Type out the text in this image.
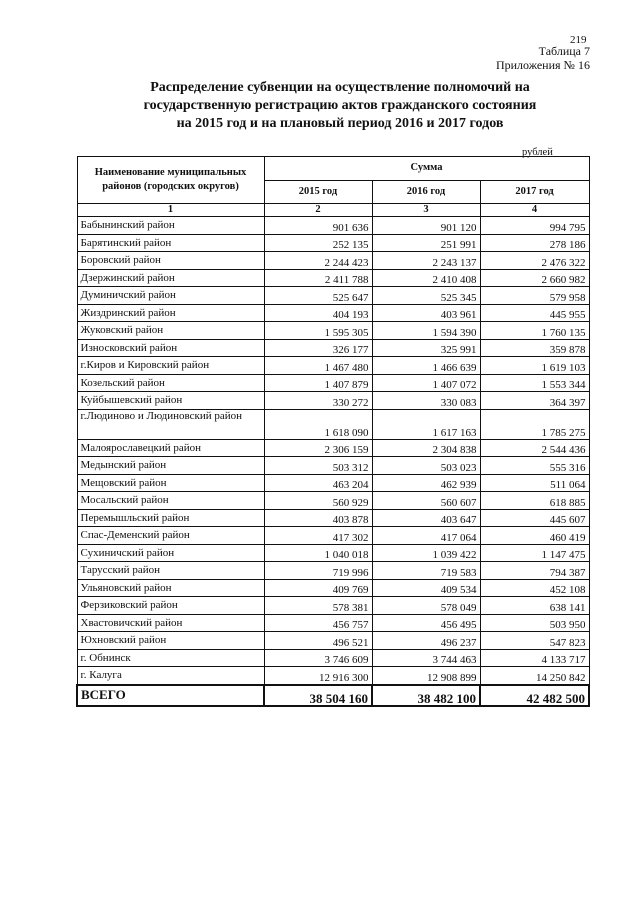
219
Таблица 7
Приложения № 16
Распределение субвенции на осуществление полномочий на
государственную регистрацию актов гражданского состояния
на 2015 год и на плановый период 2016 и 2017 годов
рублей
Наименование муниципальных районов (городских округов)	Сумма		
	2015 год	2016 год	2017 год
1	2	3	4
Бабынинский район	901 636	901 120	994 795
Барятинский район	252 135	251 991	278 186
Боровский район	2 244 423	2 243 137	2 476 322
Дзержинский район	2 411 788	2 410 408	2 660 982
Думиничский район	525 647	525 345	579 958
Жиздринский район	404 193	403 961	445 955
Жуковский район	1 595 305	1 594 390	1 760 135
Износковский район	326 177	325 991	359 878
г.Киров и Кировский район	1 467 480	1 466 639	1 619 103
Козельский район	1 407 879	1 407 072	1 553 344
Куйбышевский район	330 272	330 083	364 397
г.Людиново и Людиновский район	1 618 090	1 617 163	1 785 275
Малоярославецкий район	2 306 159	2 304 838	2 544 436
Медынский район	503 312	503 023	555 316
Мещовский район	463 204	462 939	511 064
Мосальский район	560 929	560 607	618 885
Перемышльский район	403 878	403 647	445 607
Спас-Деменский район	417 302	417 064	460 419
Сухиничский район	1 040 018	1 039 422	1 147 475
Тарусский район	719 996	719 583	794 387
Ульяновский район	409 769	409 534	452 108
Ферзиковский район	578 381	578 049	638 141
Хвастовичский район	456 757	456 495	503 950
Юхновский район	496 521	496 237	547 823
г. Обнинск	3 746 609	3 744 463	4 133 717
г. Калуга	12 916 300	12 908 899	14 250 842
ВСЕГО	38 504 160	38 482 100	42 482 500
